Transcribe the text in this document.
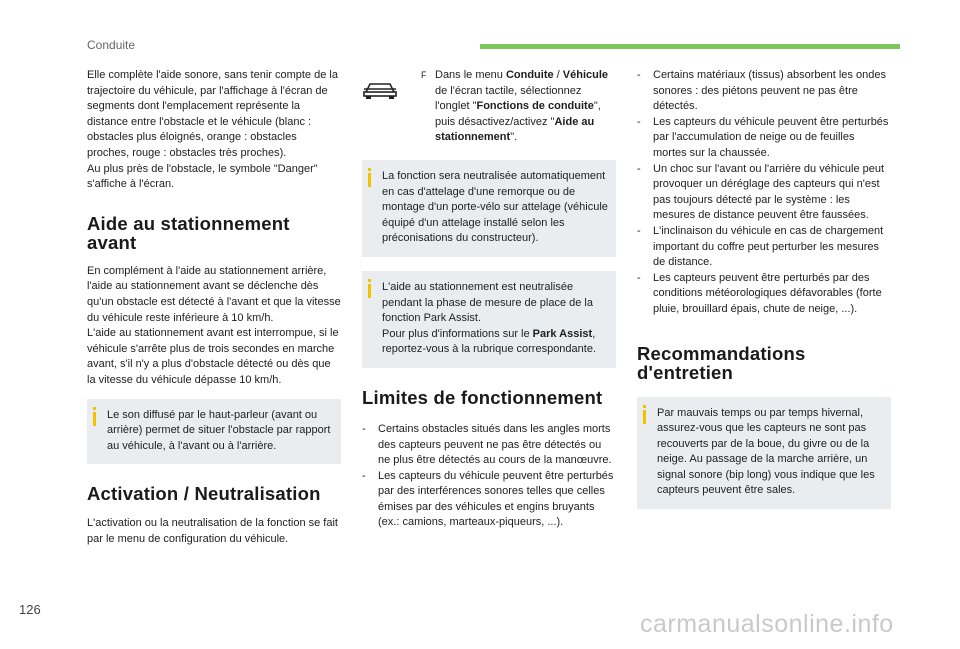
Conduite

Elle complète l'aide sonore, sans tenir compte de la trajectoire du véhicule, par l'affichage à l'écran de segments dont l'emplacement représente la distance entre l'obstacle et le véhicule (blanc : obstacles plus éloignés, orange : obstacles proches, rouge : obstacles très proches).

Au plus près de l'obstacle, le symbole "Danger" s'affiche à l'écran.

Aide au stationnement avant

En complément à l'aide au stationnement arrière, l'aide au stationnement avant se déclenche dès qu'un obstacle est détecté à l'avant et que la vitesse du véhicule reste inférieure à 10 km/h.

L'aide au stationnement avant est interrompue, si le véhicule s'arrête plus de trois secondes en marche avant, s'il n'y a plus d'obstacle détecté ou dès que la vitesse du véhicule dépasse 10 km/h.

Le son diffusé par le haut-parleur (avant ou arrière) permet de situer l'obstacle par rapport au véhicule, à l'avant ou à l'arrière.
Activation / Neutralisation

L'activation ou la neutralisation de la fonction se fait par le menu de configuration du véhicule.

F Dans le menu Conduite / Véhicule de l'écran tactile, sélectionnez l'onglet "Fonctions de conduite", puis désactivez/activez "Aide au stationnement".
La fonction sera neutralisée automatiquement en cas d'attelage d'une remorque ou de montage d'un porte-vélo sur attelage (véhicule équipé d'un attelage installé selon les préconisations du constructeur).
L'aide au stationnement est neutralisée pendant la phase de mesure de place de la fonction Park Assist.
Pour plus d'informations sur le Park Assist, reportez-vous à la rubrique correspondante.
Limites de fonctionnement
-	Certains obstacles situés dans les angles morts des capteurs peuvent ne pas être détectés ou ne plus être détectés au cours de la manœuvre.
-	Les capteurs du véhicule peuvent être perturbés par des interférences sonores telles que celles émises par des véhicules et engins bruyants (ex.: camions, marteaux-piqueurs, ...).
-	Certains matériaux (tissus) absorbent les ondes sonores : des piétons peuvent ne pas être détectés.
-	Les capteurs du véhicule peuvent être perturbés par l'accumulation de neige ou de feuilles mortes sur la chaussée.
-	Un choc sur l'avant ou l'arrière du véhicule peut provoquer un déréglage des capteurs qui n'est pas toujours détecté par le système : les mesures de distance peuvent être faussées.
-	L'inclinaison du véhicule en cas de chargement important du coffre peut perturber les mesures de distance.
-	Les capteurs peuvent être perturbés par des conditions météorologiques défavorables (forte pluie, brouillard épais, chute de neige, ...).
Recommandations d'entretien
Par mauvais temps ou par temps hivernal, assurez-vous que les capteurs ne sont pas recouverts par de la boue, du givre ou de la neige. Au passage de la marche arrière, un signal sonore (bip long) vous indique que les capteurs peuvent être sales.
126
carmanualsonline.info
